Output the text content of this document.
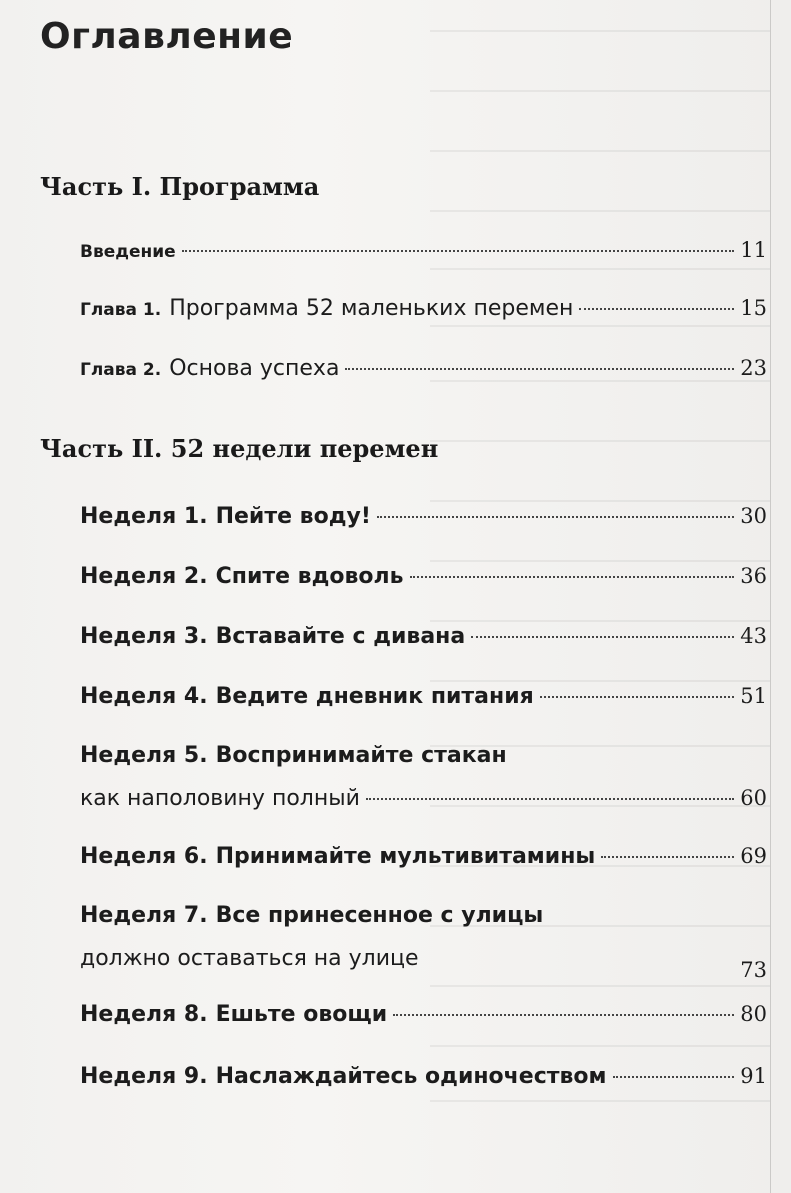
Оглавление
Часть I. Программа
Введение	11
Глава 1. Программа 52 маленьких перемен	15
Глава 2. Основа успеха	23
Часть II. 52 недели перемен
Неделя 1. Пейте воду!	30
Неделя 2. Спите вдоволь	36
Неделя 3. Вставайте с дивана	43
Неделя 4. Ведите дневник питания	51
Неделя 5. Воспринимайте стакан
как наполовину полный	60
Неделя 6. Принимайте мультивитамины	69
Неделя 7. Все принесенное с улицы
должно оставаться на улице	73
Неделя 8. Ешьте овощи	80
Неделя 9. Наслаждайтесь одиночеством	91
